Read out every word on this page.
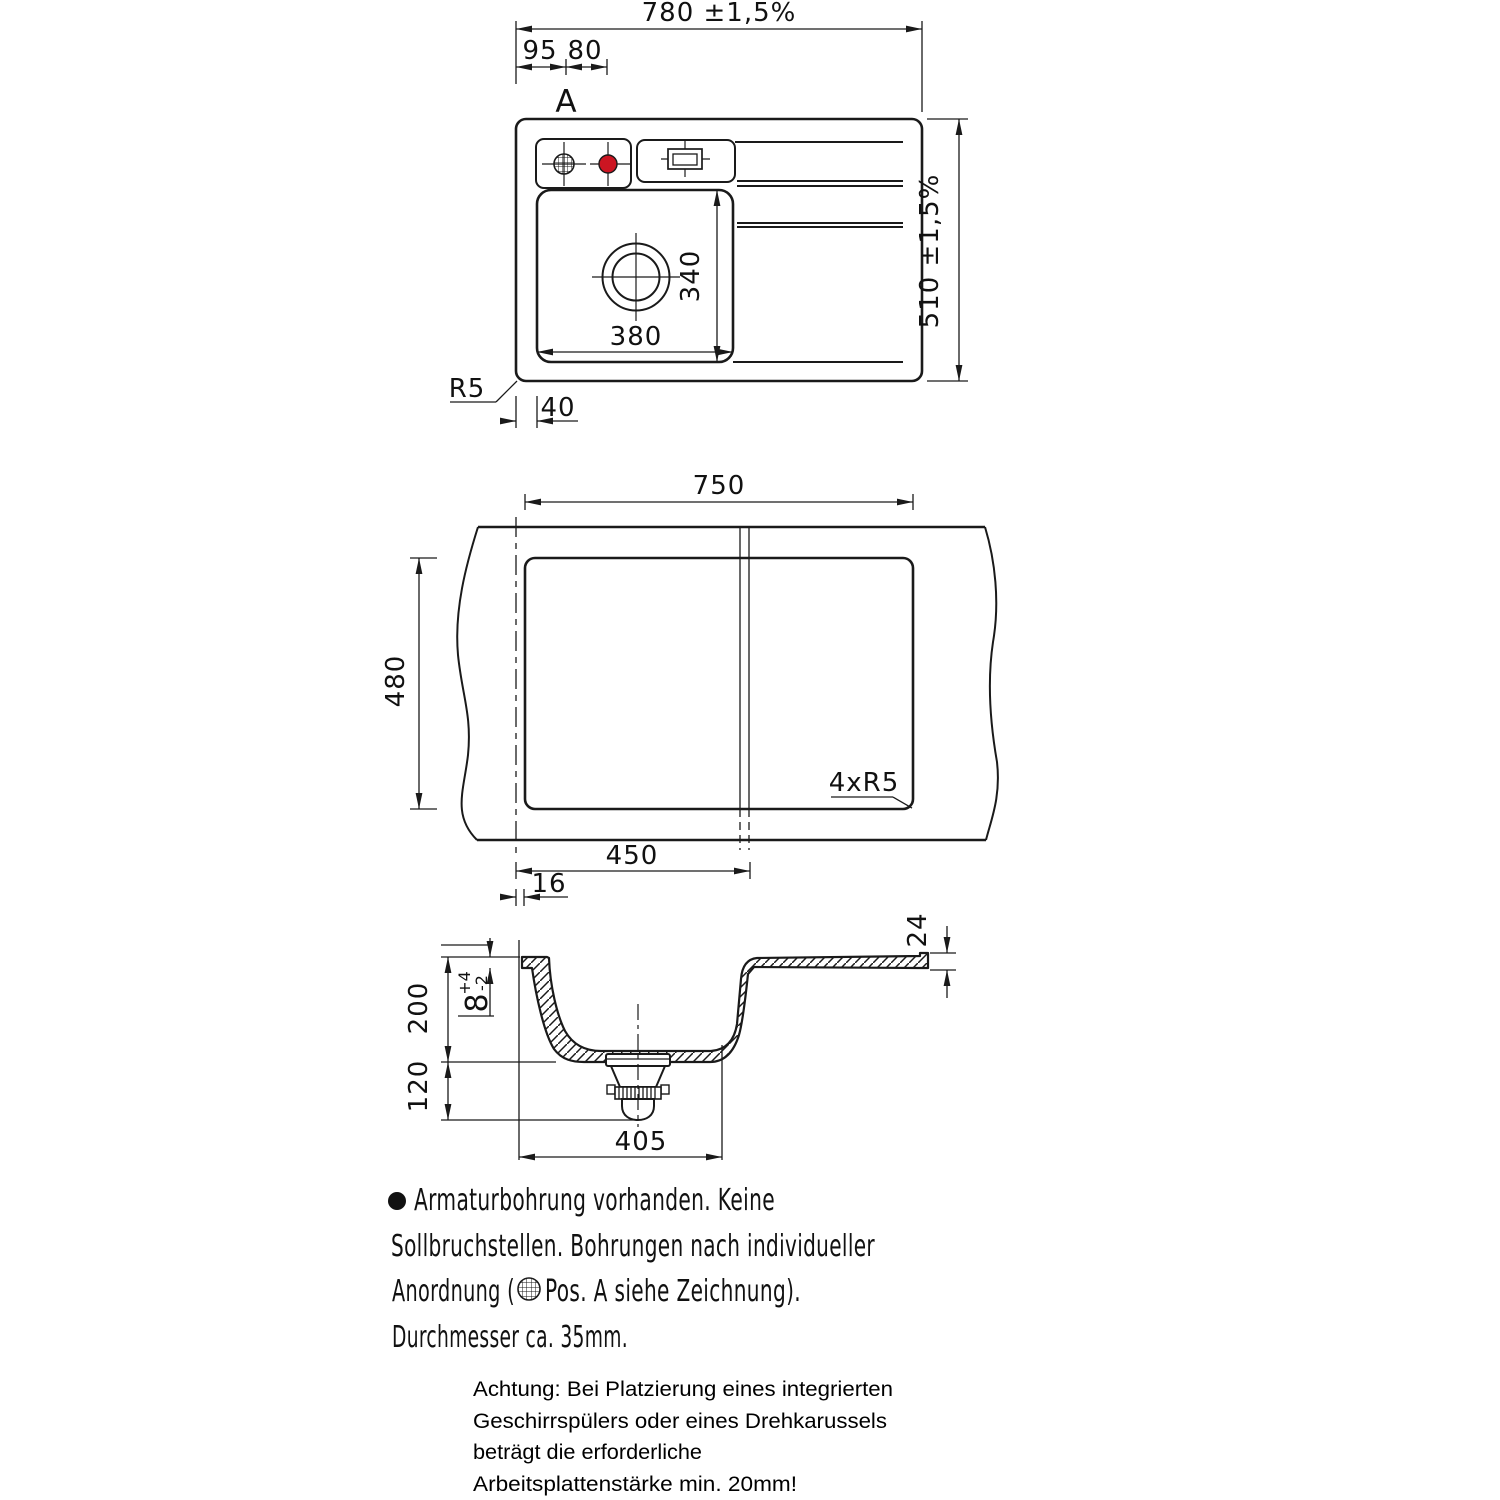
780 ±1,5%
95 80
A
510 ±1,5%
340
380
R5
40
750
480
4xR5
450
16
200
120
8
+4
-2
24
405
Armaturbohrung vorhanden. Keine
Sollbruchstellen. Bohrungen nach individueller
Anordnung ( Pos. A siehe Zeichnung).
Durchmesser ca. 35mm.
Achtung: Bei Platzierung eines integrierten
Geschirrspülers oder eines Drehkarussels
beträgt die erforderliche
Arbeitsplattenstärke min. 20mm!
